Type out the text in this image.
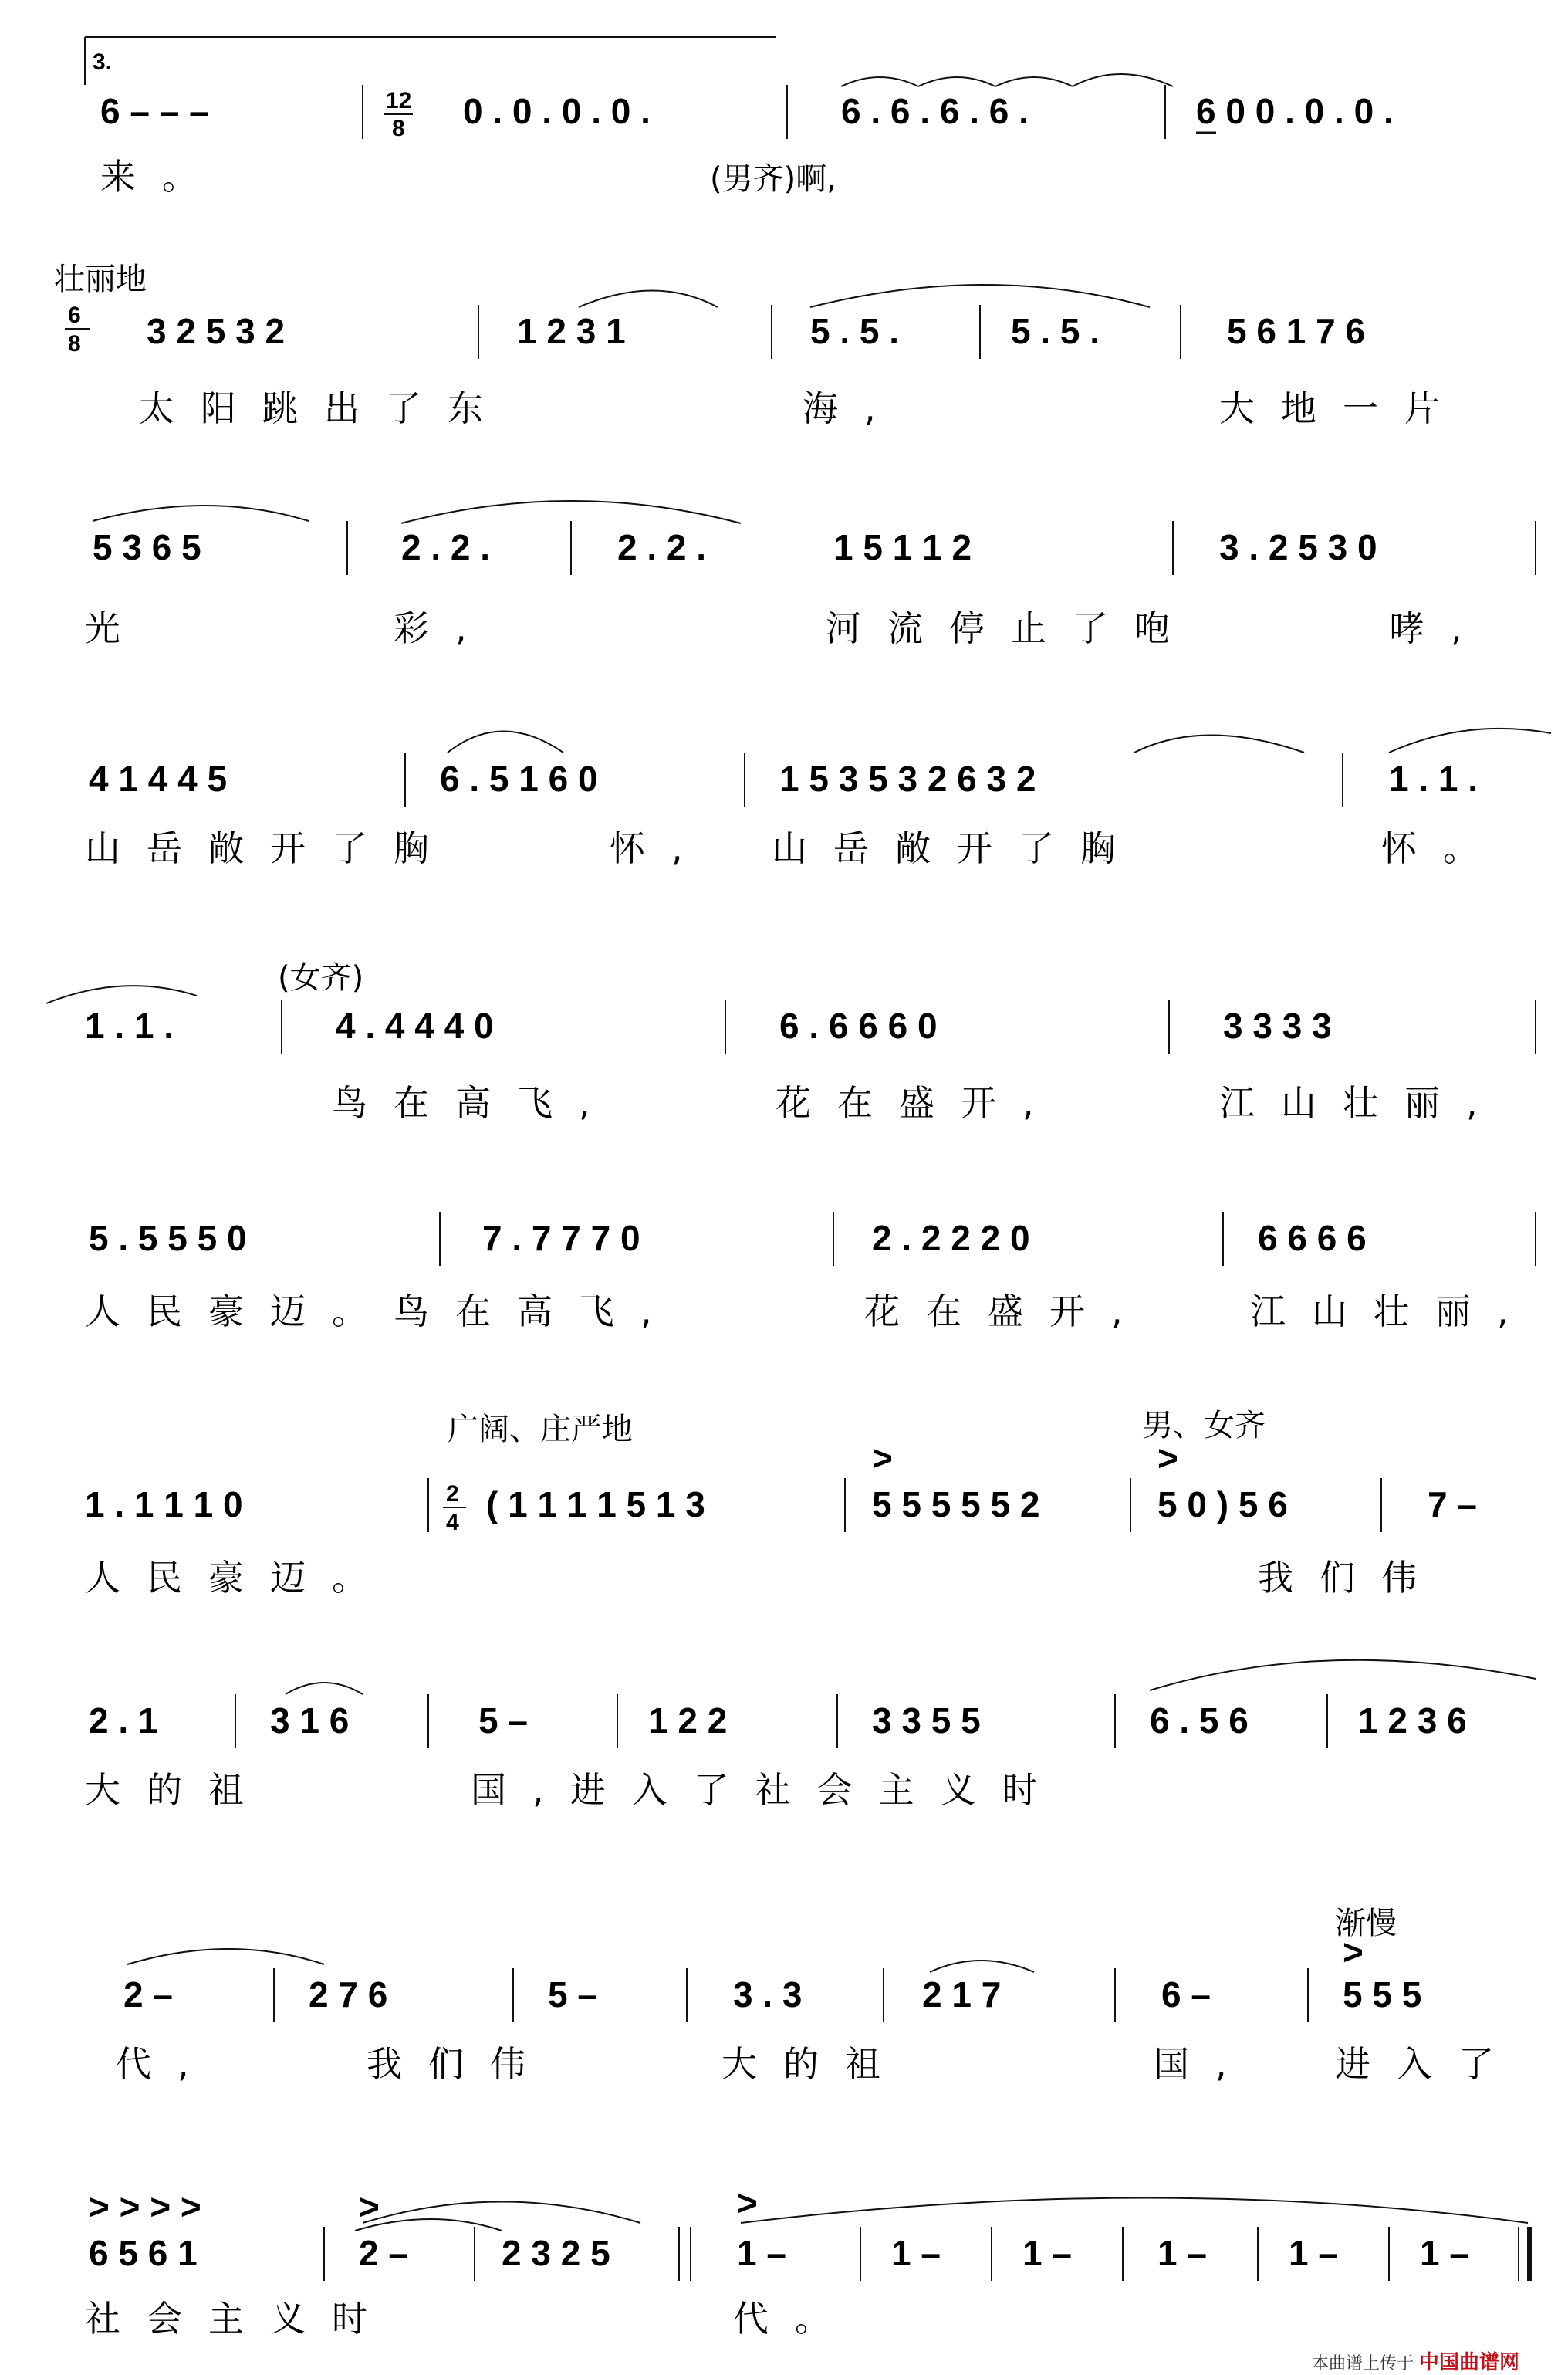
3.
6 – – –	12
8 0 . 0 . 0 . 0 .	6 . 6 . 6 . 6 .	6 0 0 . 0 . 0 .
来。	(男齐)啊,
壮丽地
6
8 3 2 5 3 2	1 2 3 1	5 . 5 .	5 . 5 .	5 6 1 7 6
太阳跳出了东	海,	大地一片
5 3 6 5	2 . 2 .	2 . 2 .	1 5 1 1 2	3 . 2 5 3 0
光	彩,	河流停止了咆	哮,
4 1 4 4 5	6 . 5 1 6 0	1 5 3 5 3 2 6 3 2	1 . 1 .
山岳敞开了胸	怀, 山岳敞开了胸	怀。
(女齐)
1 . 1 .	4 . 4 4 4 0	6 . 6 6 6 0	3 3 3 3
鸟在高飞,	花在盛开,	江山壮丽,
5 . 5 5 5 0	7 . 7 7 7 0	2 . 2 2 2 0	6 6 6 6
人民豪迈。鸟在高飞,	花在盛开,	江山壮丽,
广阔、庄严地	男、女齐
1 . 1 1 1 0	2
4 ( 1 1 1 1 5 1 3
>
5 5 5 5 5 2
>
5 0 ) 5 6	7 –
人民豪迈。	我们伟
2 . 1	3 1 6	5 –	1 2 2	3 3 5 5	6 . 5 6	1 2 3 6
大的祖	国,进入了社会主义时
渐慢
2 –	2 7 6	5 –	3 . 3	2 1 7	6 –
>
5 5 5
代,	我们伟	大的祖	国, 进入了
> > > >
6 5 6 1
>
2 –	2 3 2 5
>
1 –	1 – 1 – 1 – 1 – 1 –
社会主义时	代。
本曲谱上传于 中国曲谱网
